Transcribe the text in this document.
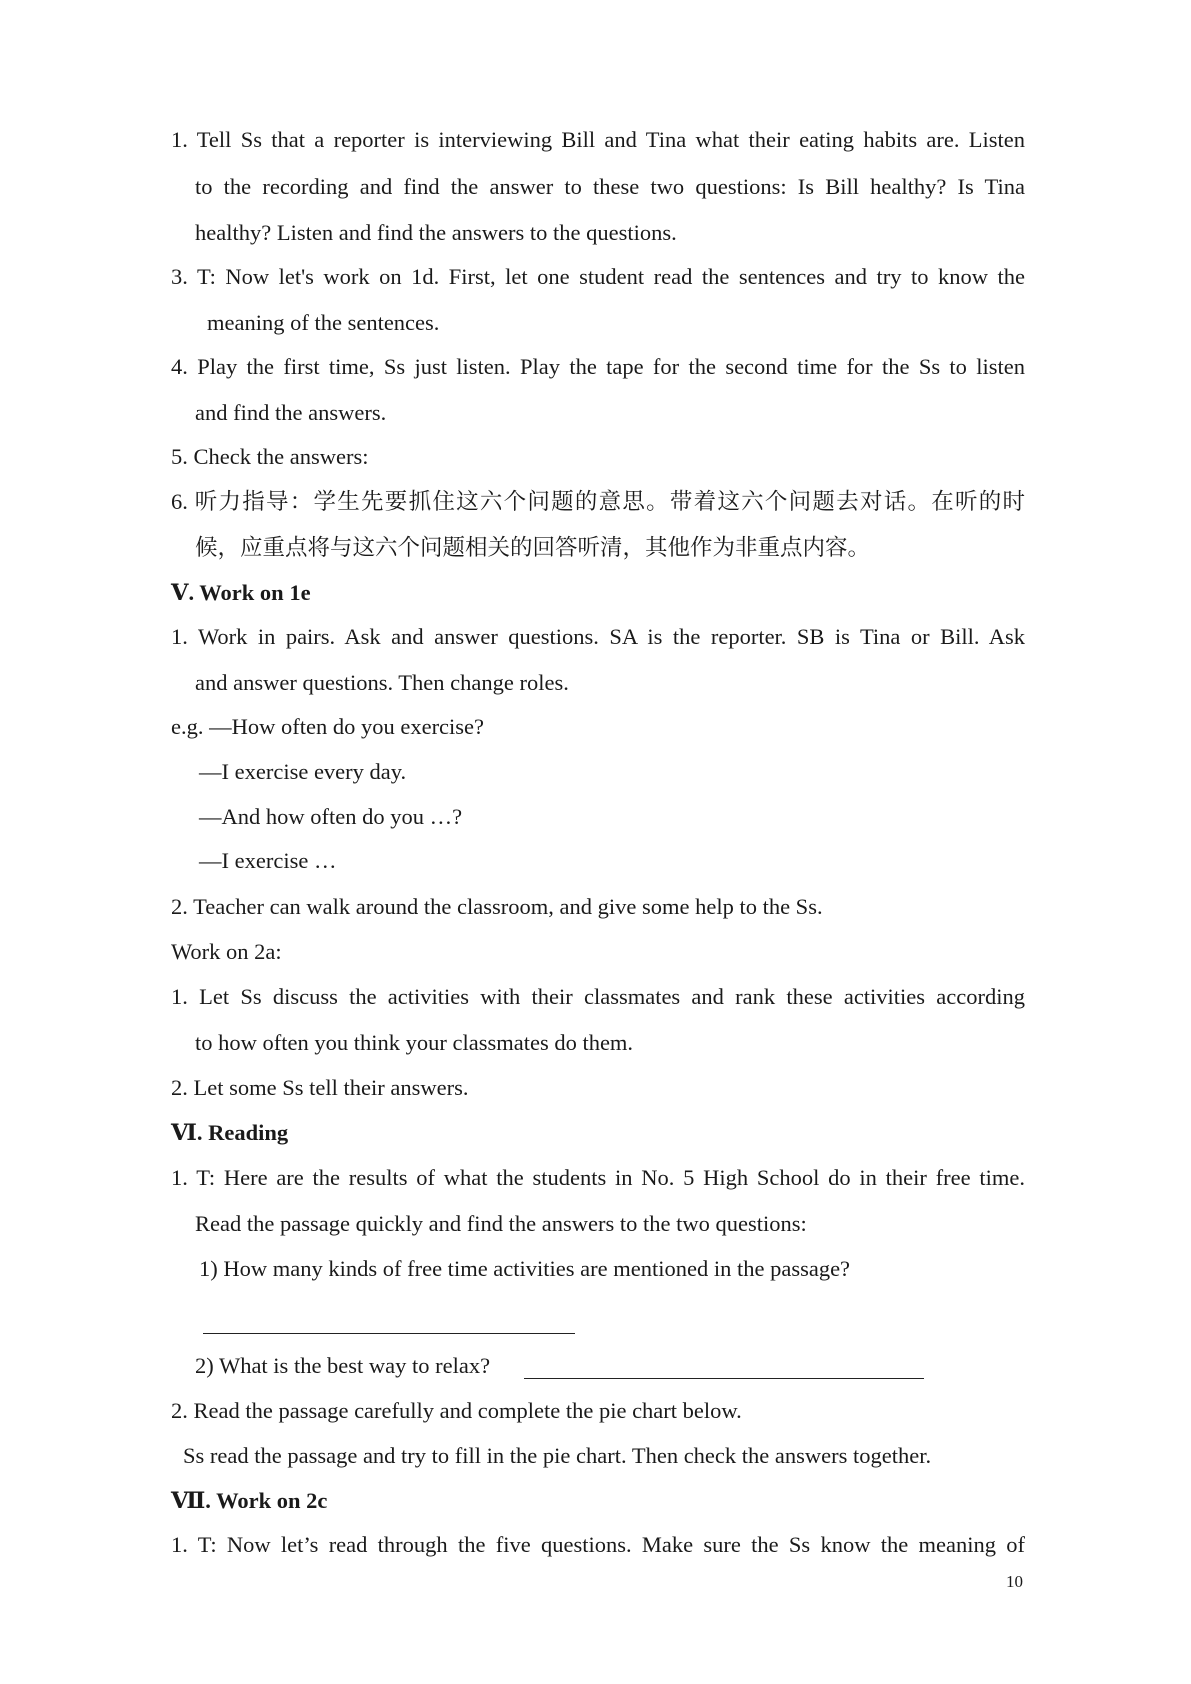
1. Tell Ss that a reporter is interviewing Bill and Tina what their eating habits are. Listen
to the recording and find the answer to these two questions: Is Bill healthy? Is Tina
healthy? Listen and find the answers to the questions.
3. T: Now let's work on 1d. First, let one student read the sentences and try to know the
meaning of the sentences.
4. Play the first time, Ss just listen. Play the tape for the second time for the Ss to listen
and find the answers.
5. Check the answers:
6. 听力指导：学生先要抓住这六个问题的意思。带着这六个问题去对话。在听的时
候，应重点将与这六个问题相关的回答听清，其他作为非重点内容。
Ⅴ. Work on 1e
1. Work in pairs. Ask and answer questions. SA is the reporter. SB is Tina or Bill. Ask
and answer questions. Then change roles.
e.g. —How often do you exercise?
—I exercise every day.
—And how often do you …?
—I exercise …
2. Teacher can walk around the classroom, and give some help to the Ss.
Work on 2a:
1. Let Ss discuss the activities with their classmates and rank these activities according
to how often you think your classmates do them.
2. Let some Ss tell their answers.
Ⅵ. Reading
1. T: Here are the results of what the students in No. 5 High School do in their free time.
Read the passage quickly and find the answers to the two questions:
1) How many kinds of free time activities are mentioned in the passage?
2) What is the best way to relax?
2. Read the passage carefully and complete the pie chart below.
Ss read the passage and try to fill in the pie chart. Then check the answers together.
Ⅶ. Work on 2c
1. T: Now let’s read through the five questions. Make sure the Ss know the meaning of
10
